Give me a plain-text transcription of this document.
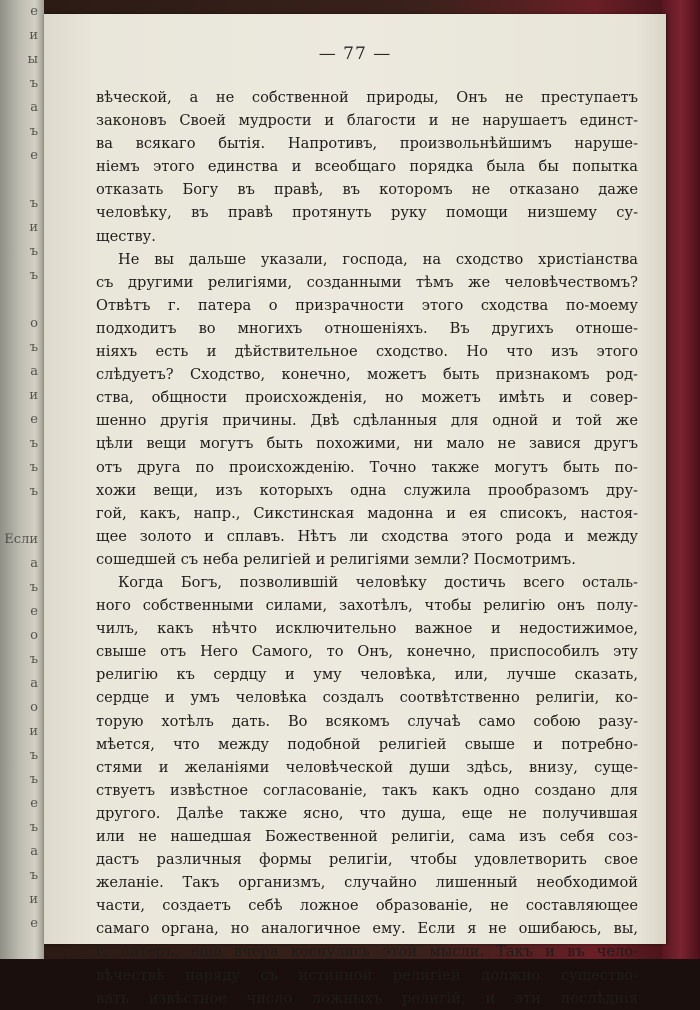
е
и
ы
ъ
а
ъ
е

ъ
и
ъ
ъ

о
ъ
а
и
е
ъ
ъ
ъ

Если
а
ъ
е
о
ъ
а
о
и
ъ
ъ
е
ъ
а
ъ
и
е
— 77 —
вѣческой, а не собственной природы, Онъ не преступаетъ
законовъ Своей мудрости и благости и не нарушаетъ единст-
ва всякаго бытія. Напротивъ, произвольнѣйшимъ наруше-
ніемъ этого единства и всеобщаго порядка была бы попытка
отказать Богу въ правѣ, въ которомъ не отказано даже
человѣку, въ правѣ протянуть руку помощи низшему су-
ществу.
Не вы дальше указали, господа, на сходство христіанства
съ другими религіями, созданными тѣмъ же человѣчествомъ?
Отвѣтъ г. патера о призрачности этого сходства по-моему
подходитъ во многихъ отношеніяхъ. Въ другихъ отноше-
ніяхъ есть и дѣйствительное сходство. Но что изъ этого
слѣдуетъ? Сходство, конечно, можетъ быть признакомъ род-
ства, общности происхожденія, но можетъ имѣть и совер-
шенно другія причины. Двѣ сдѣланныя для одной и той же
цѣли вещи могутъ быть похожими, ни мало не завися другъ
отъ друга по происхожденію. Точно также могутъ быть по-
хожи вещи, изъ которыхъ одна служила прообразомъ дру-
гой, какъ, напр., Сикстинская мадонна и ея списокъ, настоя-
щее золото и сплавъ. Нѣтъ ли сходства этого рода и между
сошедшей съ неба религіей и религіями земли? Посмотримъ.
Когда Богъ, позволившій человѣку достичь всего осталь-
ного собственными силами, захотѣлъ, чтобы религію онъ полу-
чилъ, какъ нѣчто исключительно важное и недостижимое,
свыше отъ Него Самого, то Онъ, конечно, приспособилъ эту
религію къ сердцу и уму человѣка, или, лучше сказать,
сердце и умъ человѣка создалъ соотвѣтственно религіи, ко-
торую хотѣлъ дать. Во всякомъ случаѣ само собою разу-
мѣется, что между подобной религіей свыше и потребно-
стями и желаніями человѣческой души здѣсь, внизу, суще-
ствуетъ извѣстное согласованіе, такъ какъ одно создано для
другого. Далѣе также ясно, что душа, еще не получившая
или не нашедшая Божественной религіи, сама изъ себя соз-
дастъ различныя формы религіи, чтобы удовлетворить свое
желаніе. Такъ организмъ, случайно лишенный необходимой
части, создаетъ себѣ ложное образованіе, не составляющее
самаго органа, но аналогичное ему. Если я не ошибаюсь, вы,
г. патеръ, еще вчера коснулись этой мысли. Такъ и въ чело-
вѣчествѣ наряду съ истинной религіей должно существо-
вать извѣстное число ложныхъ религій, и эти послѣднія
